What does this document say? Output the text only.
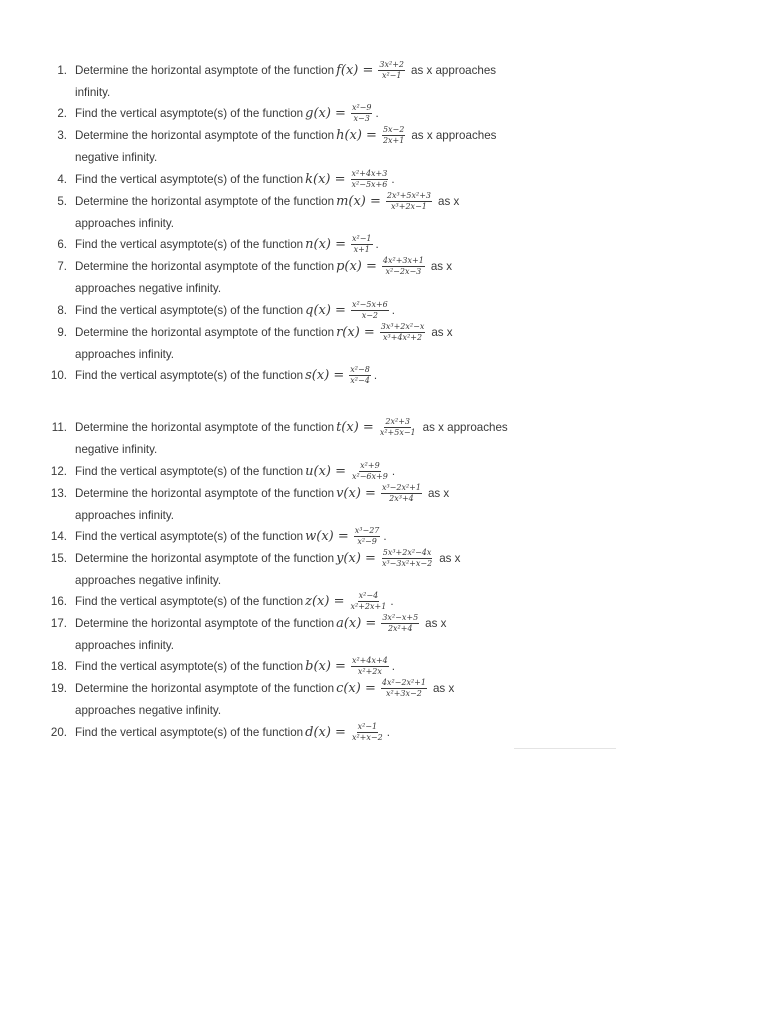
1. Determine the horizontal asymptote of the function $f(x) = \frac{\text{3x²+2}}{\text{x²−1}}$ as x approaches
infinity.
2. Find the vertical asymptote(s) of the function $g(x) = \frac{\text{x²−9}}{x-3}$ .
3. Determine the horizontal asymptote of the function $h(x) = \frac{5x-2}{2x+1}$ as x approaches
negative infinity.
4. Find the vertical asymptote(s) of the function $k(x) = \frac{\text{x²+4x+3}}{\text{x²−5x+6}}$ .
5. Determine the horizontal asymptote of the function $m(x) = \frac{\text{2x³+5x²+3}}{\text{x³+2x−1}}$ as x
approaches infinity.
6. Find the vertical asymptote(s) of the function $n(x) = \frac{\text{x²−1}}{x+1}$ .
7. Determine the horizontal asymptote of the function $p(x) = \frac{\text{4x²+3x+1}}{\text{x²−2x−3}}$ as x
approaches negative infinity.
8. Find the vertical asymptote(s) of the function $q(x) = \frac{\text{x²−5x+6}}{x-2}$ .
9. Determine the horizontal asymptote of the function $r(x) = \frac{\text{3x³+2x²−x}}{\text{x³+4x²+2}}$ as x
approaches infinity.
10. Find the vertical asymptote(s) of the function $s(x) = \frac{\text{x²−8}}{\text{x²−4}}$ .
11. Determine the horizontal asymptote of the function $t(x) = \frac{\text{2x²+3}}{\text{x²+5x−1}}$ as x approaches
negative infinity.
12. Find the vertical asymptote(s) of the function $u(x) = \frac{\text{x²+9}}{\text{x²−6x+9}}$ .
13. Determine the horizontal asymptote of the function $v(x) = \frac{\text{x³−2x²+1}}{\text{2x³+4}}$ as x
approaches infinity.
14. Find the vertical asymptote(s) of the function $w(x) = \frac{\text{x³−27}}{\text{x²−9}}$ .
15. Determine the horizontal asymptote of the function $y(x) = \frac{\text{5x³+2x²−4x}}{\text{x³−3x²+x−2}}$ as x
approaches negative infinity.
16. Find the vertical asymptote(s) of the function $z(x) = \frac{\text{x²−4}}{\text{x²+2x+1}}$ .
17. Determine the horizontal asymptote of the function $a(x) = \frac{\text{3x²−x+5}}{\text{2x²+4}}$ as x
approaches infinity.
18. Find the vertical asymptote(s) of the function $b(x) = \frac{\text{x²+4x+4}}{\text{x²+2x}}$ .
19. Determine the horizontal asymptote of the function $c(x) = \frac{\text{4x²−2x²+1}}{\text{x²+3x−2}}$ as x
approaches negative infinity.
20. Find the vertical asymptote(s) of the function $d(x) = \frac{\text{x²−1}}{\text{x²+x−2}}$ .
